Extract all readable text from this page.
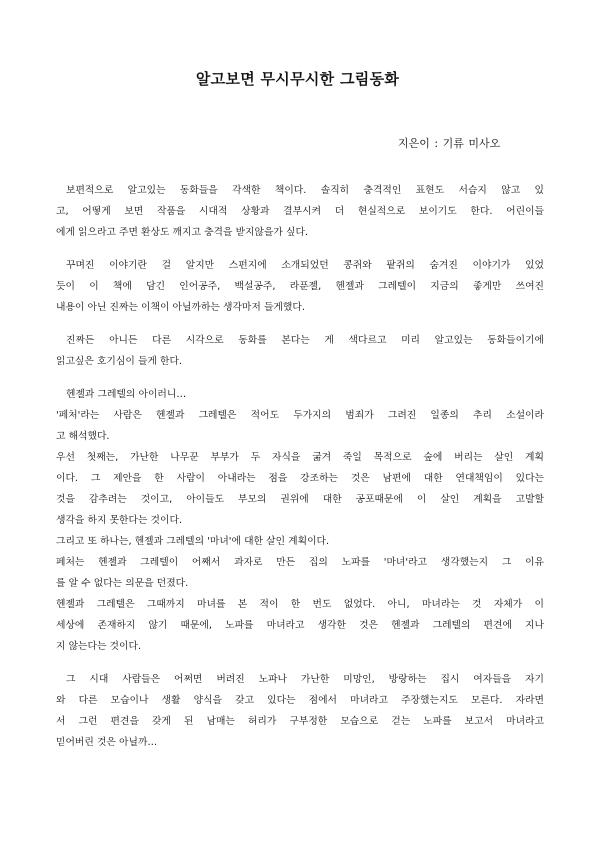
알고보면 무시무시한 그림동화
지은이 : 기류 미사오
보편적으로 알고있는 동화들을 각색한 책이다. 솔직히 충격적인 표현도 서슴지 않고 있
고, 어떻게 보면 작품을 시대적 상황과 결부시켜 더 현실적으로 보이기도 한다. 어린이들
에게 읽으라고 주면 환상도 깨지고 충격을 받지않을가 싶다.
꾸며진 이야기란 걸 알지만 스펀지에 소개되었던 콩쥐와 팥쥐의 숨겨진 이야기가 있었
듯이 이 책에 담긴 인어공주, 백설공주, 라푼젤, 헨젤과 그레텔이 지금의 좋게만 쓰여진
내용이 아닌 진짜는 이책이 아닐까하는 생각마저 들게했다.
진짜든 아니든 다른 시각으로 동화를 본다는 게 색다르고 미리 알고있는 동화들이기에
읽고싶은 호기심이 들게 한다.
헨젤과 그레텔의 아이러니…
'페처'라는 사람은 헨젤과 그레텔은 적어도 두가지의 범죄가 그려진 일종의 추리 소설이라
고 해석했다.
우선 첫째는, 가난한 나무꾼 부부가 두 자식을 굶겨 죽일 목적으로 숲에 버리는 살인 계획
이다. 그 제안을 한 사람이 아내라는 점을 강조하는 것은 남편에 대한 연대책임이 있다는
것을 감추려는 것이고, 아이들도 부모의 권위에 대한 공포때문에 이 살인 계획을 고발할
생각을 하지 못한다는 것이다.
그리고 또 하나는, 헨젤과 그레텔의 '마녀'에 대한 살인 계획이다.
페처는 헨젤과 그레텔이 어째서 과자로 만든 집의 노파를 '마녀'라고 생각했는지 그 이유
를 알 수 없다는 의문을 던졌다.
헨젤과 그레텔은 그때까지 마녀를 본 적이 한 번도 없었다. 아니, 마녀라는 것 자체가 이
세상에 존재하지 않기 때문에, 노파를 마녀라고 생각한 것은 헨젤과 그레텔의 편견에 지나
지 않는다는 것이다.
그 시대 사람들은 어쩌면 버려진 노파나 가난한 미망인, 방랑하는 집시 여자들을 자기
와 다른 모습이나 생활 양식을 갖고 있다는 점에서 마녀라고 주장했는지도 모른다. 자라면
서 그런 편견을 갖게 된 남매는 허리가 구부정한 모습으로 걷는 노파를 보고서 마녀라고
믿어버린 것은 아닐까…
